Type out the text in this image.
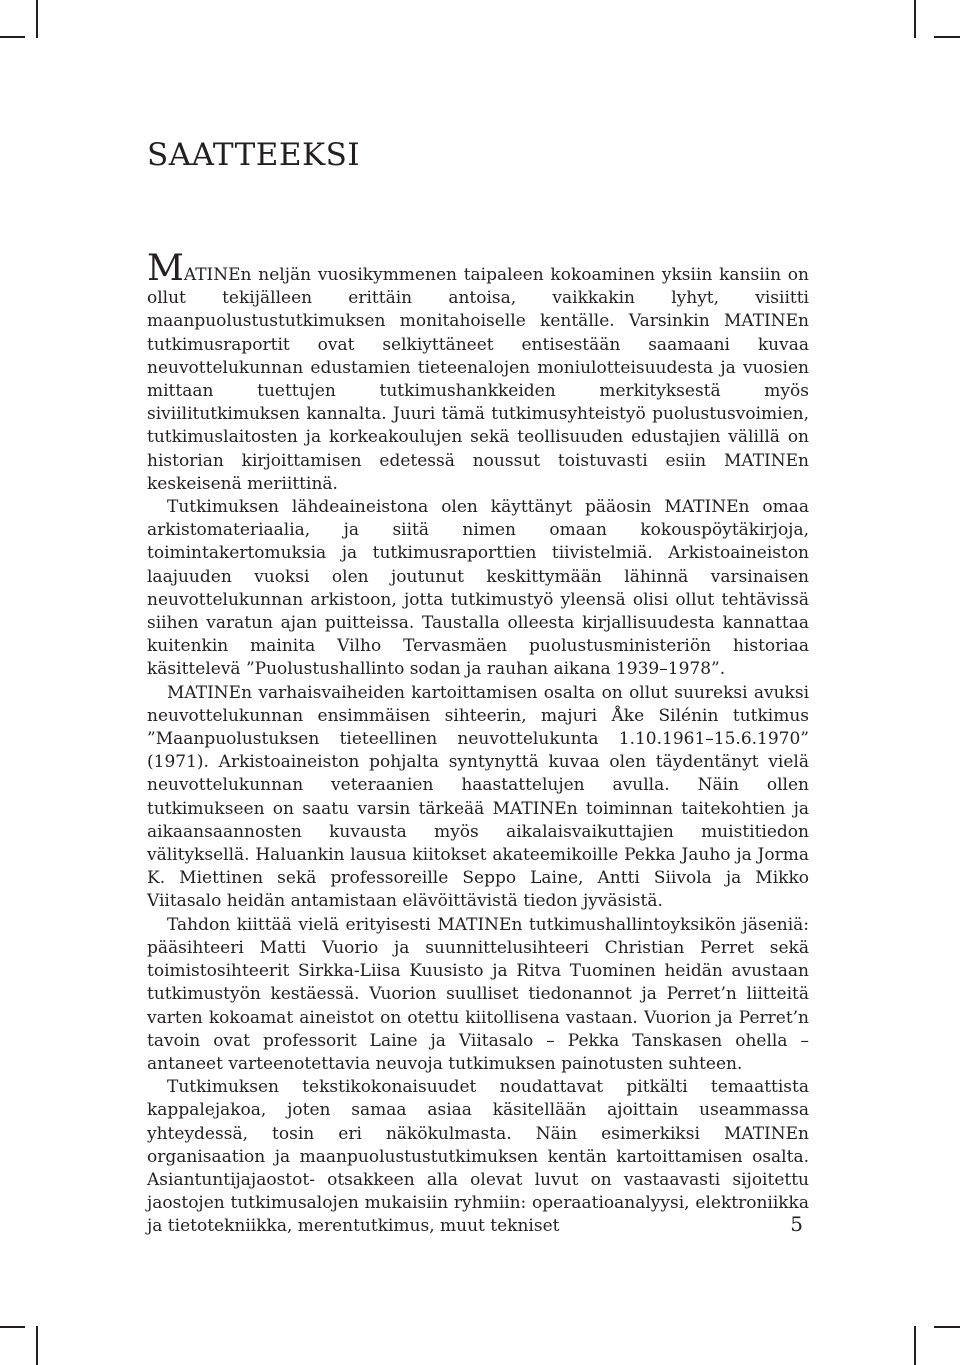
SAATTEEKSI

MATINEn neljän vuosikymmenen taipaleen kokoaminen yksiin kansiin on ollut tekijälleen erittäin antoisa, vaikkakin lyhyt, visiitti maanpuolustustutkimuksen monitahoiselle kentälle. Varsinkin MATINEn tutkimusraportit ovat selkiyttäneet entisestään saamaani kuvaa neuvottelukunnan edustamien tieteenalojen moniulotteisuudesta ja vuosien mittaan tuettujen tutkimushankkeiden merkityksestä myös siviilitutkimuksen kannalta. Juuri tämä tutkimusyhteistyö puolustusvoimien, tutkimuslaitosten ja korkeakoulujen sekä teollisuuden edustajien välillä on historian kirjoittamisen edetessä noussut toistuvasti esiin MATINEn keskeisenä meriittinä.

Tutkimuksen lähdeaineistona olen käyttänyt pääosin MATINEn omaa arkistomateriaalia, ja siitä nimen omaan kokouspöytäkirjoja, toimintakertomuksia ja tutkimusraporttien tiivistelmiä. Arkistoaineiston laajuuden vuoksi olen joutunut keskittymään lähinnä varsinaisen neuvottelukunnan arkistoon, jotta tutkimustyö yleensä olisi ollut tehtävissä siihen varatun ajan puitteissa. Taustalla olleesta kirjallisuudesta kannattaa kuitenkin mainita Vilho Tervasmäen puolustusministeriön historiaa käsittelevä ”Puolustushallinto sodan ja rauhan aikana 1939–1978”.

MATINEn varhaisvaiheiden kartoittamisen osalta on ollut suureksi avuksi neuvottelukunnan ensimmäisen sihteerin, majuri Åke Silénin tutkimus ”Maanpuolustuksen tieteellinen neuvottelukunta 1.10.1961–15.6.1970” (1971). Arkistoaineiston pohjalta syntynyttä kuvaa olen täydentänyt vielä neuvottelukunnan veteraanien haastattelujen avulla. Näin ollen tutkimukseen on saatu varsin tärkeää MATINEn toiminnan taitekohtien ja aikaansaannosten kuvausta myös aikalaisvaikuttajien muistitiedon välityksellä. Haluankin lausua kiitokset akateemikoille Pekka Jauho ja Jorma K. Miettinen sekä professoreille Seppo Laine, Antti Siivola ja Mikko Viitasalo heidän antamistaan elävöittävistä tiedon jyväsistä.

Tahdon kiittää vielä erityisesti MATINEn tutkimushallintoyksikön jäseniä: pääsihteeri Matti Vuorio ja suunnittelusihteeri Christian Perret sekä toimistosihteerit Sirkka-Liisa Kuusisto ja Ritva Tuominen heidän avustaan tutkimustyön kestäessä. Vuorion suulliset tiedonannot ja Perret’n liitteitä varten kokoamat aineistot on otettu kiitollisena vastaan. Vuorion ja Perret’n tavoin ovat professorit Laine ja Viitasalo – Pekka Tanskasen ohella – antaneet varteenotettavia neuvoja tutkimuksen painotusten suhteen.

Tutkimuksen tekstikokonaisuudet noudattavat pitkälti temaattista kappalejakoa, joten samaa asiaa käsitellään ajoittain useammassa yhteydessä, tosin eri näkökulmasta. Näin esimerkiksi MATINEn organisaation ja maanpuolustustutkimuksen kentän kartoittamisen osalta. Asiantuntijajaostot- otsakkeen alla olevat luvut on vastaavasti sijoitettu jaostojen tutkimusalojen mukaisiin ryhmiin: operaatioanalyysi, elektroniikka ja tietotekniikka, merentutkimus, muut tekniset	5
